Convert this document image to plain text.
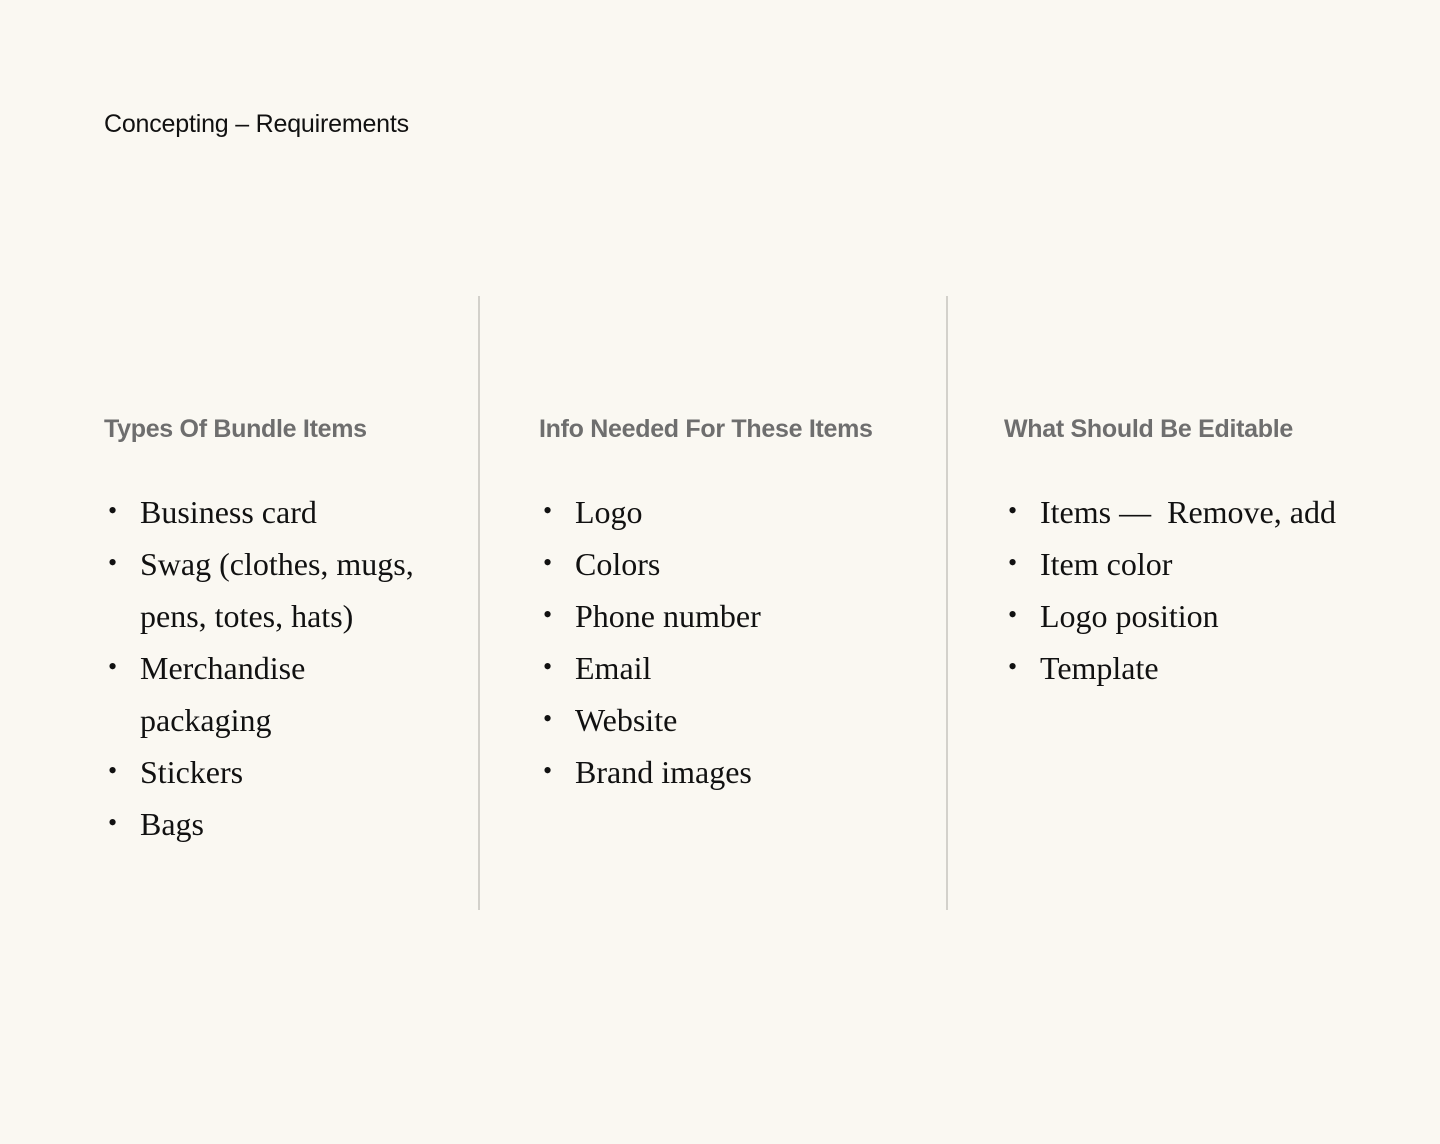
Concepting – Requirements
Types Of Bundle Items
• Business card
• Swag (clothes, mugs, pens, totes, hats)
• Merchandise packaging
• Stickers
• Bags
Info Needed For These Items
• Logo
• Colors
• Phone number
• Email
• Website
• Brand images
What Should Be Editable
• Items —  Remove, add
• Item color
• Logo position
• Template
